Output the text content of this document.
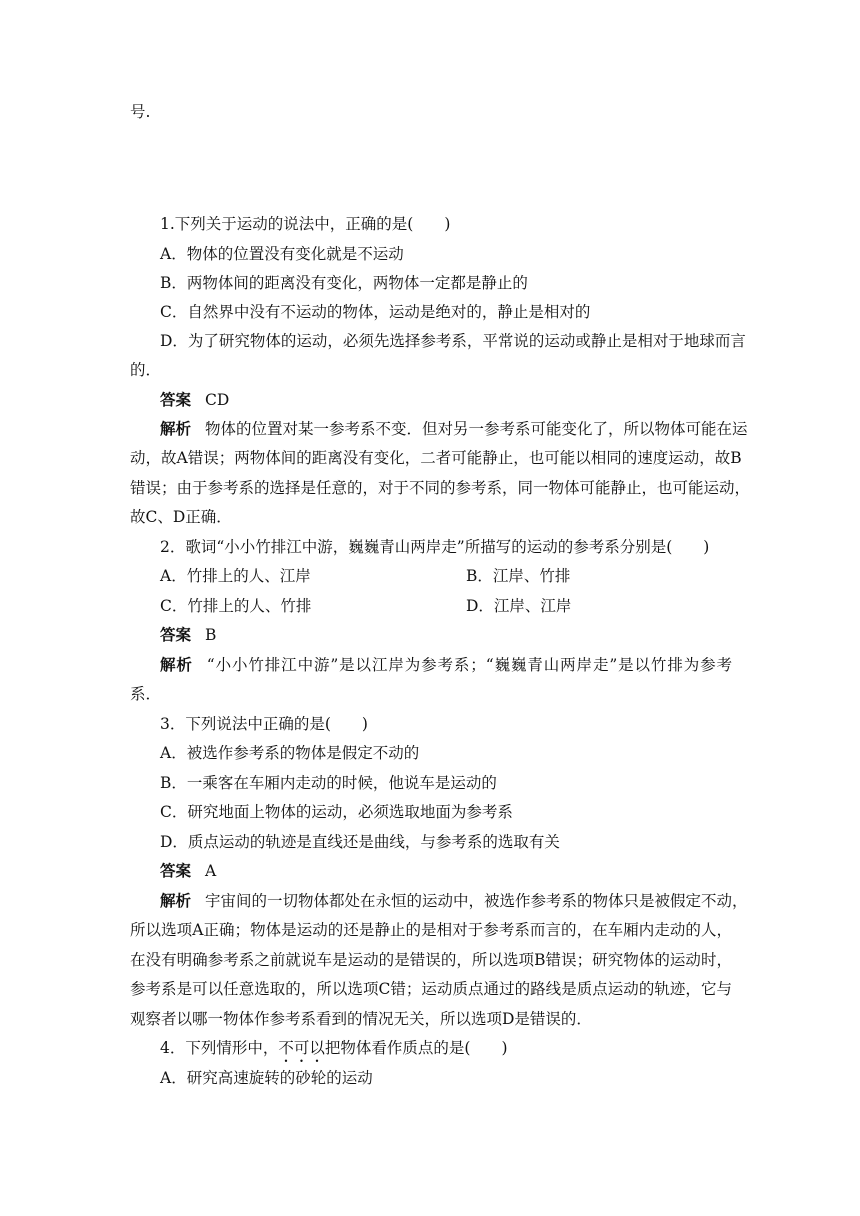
号.
1.下列关于运动的说法中，正确的是(　　)
A．物体的位置没有变化就是不运动
B．两物体间的距离没有变化，两物体一定都是静止的
C．自然界中没有不运动的物体，运动是绝对的，静止是相对的
D．为了研究物体的运动，必须先选择参考系，平常说的运动或静止是相对于地球而言
的．
答案 CD
解析 物体的位置对某一参考系不变．但对另一参考系可能变化了，所以物体可能在运
动，故A错误；两物体间的距离没有变化，二者可能静止，也可能以相同的速度运动，故B
错误；由于参考系的选择是任意的，对于不同的参考系，同一物体可能静止，也可能运动，
故C、D正确．
2．歌词“小小竹排江中游，巍巍青山两岸走”所描写的运动的参考系分别是(　　)
A．竹排上的人、江岸	B．江岸、竹排
C．竹排上的人、竹排	D．江岸、江岸
答案 B
解析 “小小竹排江中游”是以江岸为参考系；“巍巍青山两岸走”是以竹排为参考
系．
3．下列说法中正确的是(　　)
A．被选作参考系的物体是假定不动的
B．一乘客在车厢内走动的时候，他说车是运动的
C．研究地面上物体的运动，必须选取地面为参考系
D．质点运动的轨迹是直线还是曲线，与参考系的选取有关
答案 A
解析 宇宙间的一切物体都处在永恒的运动中，被选作参考系的物体只是被假定不动，
所以选项A正确；物体是运动的还是静止的是相对于参考系而言的，在车厢内走动的人，
在没有明确参考系之前就说车是运动的是错误的，所以选项B错误；研究物体的运动时，
参考系是可以任意选取的，所以选项C错；运动质点通过的路线是质点运动的轨迹，它与
观察者以哪一物体作参考系看到的情况无关，所以选项D是错误的．
4．下列情形中，不可以把物体看作质点的是(　　)
A．研究高速旋转的砂轮的运动
